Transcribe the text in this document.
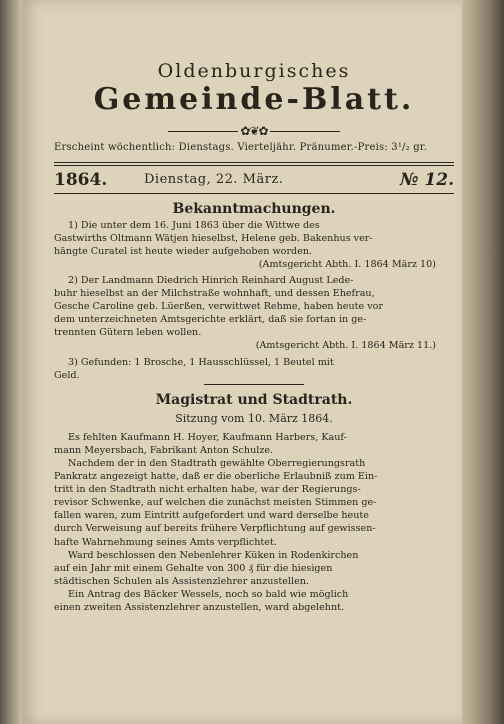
Oldenburgisches
Gemeinde-Blatt.
✿❦✿
Erscheint wöchentlich: Dienstags. Vierteljähr. Pränumer.-Preis: 3¹/₂ gr.
1864.	Dienstag, 22. März.	№ 12.
Bekanntmachungen.
1) Die unter dem 16. Juni 1863 über die Wittwe des
Gastwirths Oltmann Wätjen hieselbst, Helene geb. Bakenhus ver-
hängte Curatel ist heute wieder aufgehoben worden.
(Amtsgericht Abth. I. 1864 März 10)
2) Der Landmann Diedrich Hinrich Reinhard August Lede-
buhr hieselbst an der Milchstraße wohnhaft, und dessen Ehefrau,
Gesche Caroline geb. Lüerßen, verwittwet Rehme, haben heute vor
dem unterzeichneten Amtsgerichte erklärt, daß sie fortan in ge-
trennten Gütern leben wollen.
(Amtsgericht Abth. I. 1864 März 11.)
3) Gefunden: 1 Brosche, 1 Hausschlüssel, 1 Beutel mit
Geld.
Magistrat und Stadtrath.
Sitzung vom 10. März 1864.
Es fehlten Kaufmann H. Hoyer, Kaufmann Harbers, Kauf-
mann Meyersbach, Fabrikant Anton Schulze.
Nachdem der in den Stadtrath gewählte Oberregierungsrath
Pankratz angezeigt hatte, daß er die oberliche Erlaubniß zum Ein-
tritt in den Stadtrath nicht erhalten habe, war der Regierungs-
revisor Schwenke, auf welchen die zunächst meisten Stimmen ge-
fallen waren, zum Eintritt aufgefordert und ward derselbe heute
durch Verweisung auf bereits frühere Verpflichtung auf gewissen-
hafte Wahrnehmung seines Amts verpflichtet.
Ward beschlossen den Nebenlehrer Küken in Rodenkirchen
auf ein Jahr mit einem Gehalte von 300 ₰ für die hiesigen
städtischen Schulen als Assistenzlehrer anzustellen.
Ein Antrag des Bäcker Wessels, noch so bald wie möglich
einen zweiten Assistenzlehrer anzustellen, ward abgelehnt.
